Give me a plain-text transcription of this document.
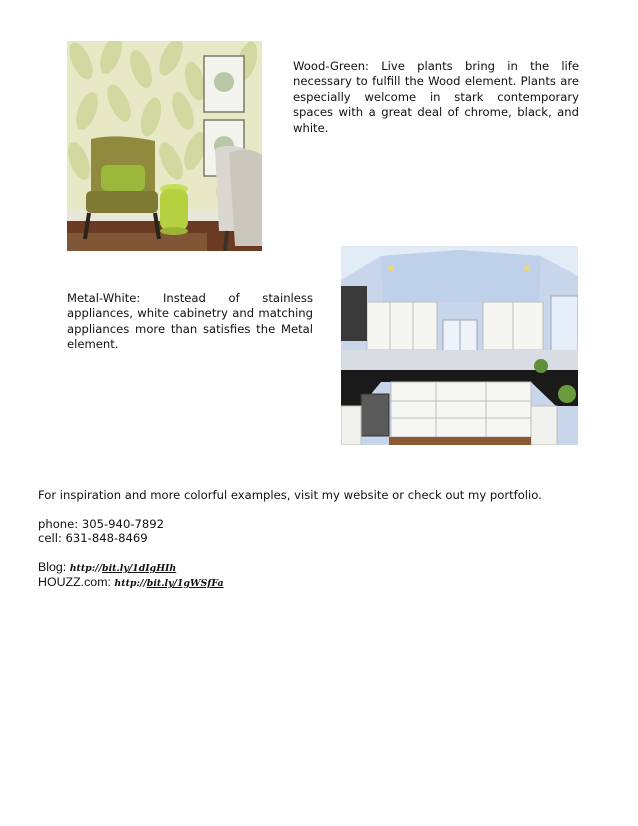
Wood-Green: Live plants bring in the life necessary to fulfill the Wood element. Plants are especially welcome in stark contemporary spaces with a great deal of chrome, black, and white.

Metal-White: Instead of stainless appliances, white cabinetry and matching appliances more than satisfies the Metal element.

For inspiration and more colorful examples, visit my website or check out my portfolio.

phone: 305-940-7892

cell: 631-848-8469

Blog: http://bit.ly/1dIgHIh

HOUZZ.com: http://bit.ly/1gWSfFa
